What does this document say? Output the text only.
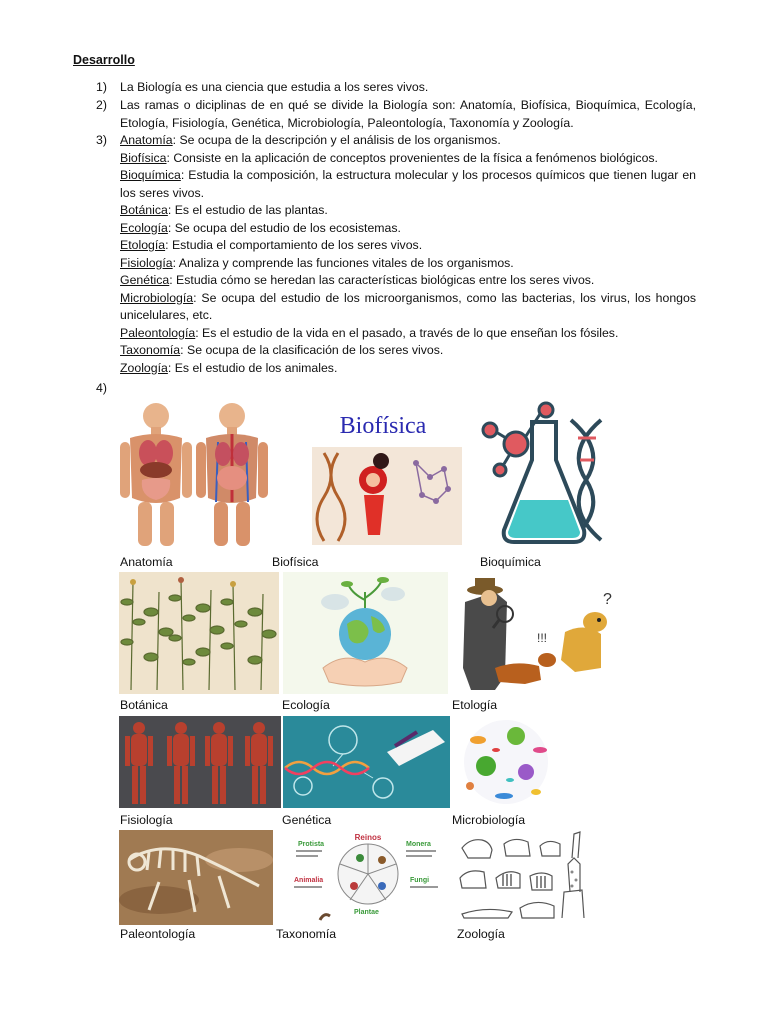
Desarrollo
1)	La Biología es una ciencia que estudia a los seres vivos.
2)	Las ramas o diciplinas de en qué se divide la Biología son: Anatomía, Biofísica, Bioquímica, Ecología, Etología, Fisiología, Genética, Microbiología, Paleontología, Taxonomía y Zoología.
3)	Anatomía: Se ocupa de la descripción y el análisis de los organismos.
Biofísica: Consiste en la aplicación de conceptos provenientes de la física a fenómenos biológicos.
Bioquímica: Estudia la composición, la estructura molecular y los procesos químicos que tienen lugar en los seres vivos.
Botánica: Es el estudio de las plantas.
Ecología: Se ocupa del estudio de los ecosistemas.
Etología: Estudia el comportamiento de los seres vivos.
Fisiología: Analiza y comprende las funciones vitales de los organismos.
Genética: Estudia cómo se heredan las características biológicas entre los seres vivos.
Microbiología: Se ocupa del estudio de los microorganismos, como las bacterias, los virus, los hongos unicelulares, etc.
Paleontología: Es el estudio de la vida en el pasado, a través de lo que enseñan los fósiles.
Taxonomía: Se ocupa de la clasificación de los seres vivos.
Zoología: Es el estudio de los animales.
4)
Anatomía
Biofísica
Biofísica	Bioquímica
Botánica	Ecología
?
!!!
Etología
Fisiología	Genética	Microbiología
Paleontología
Reinos
Protista	Monera
Animalia	Fungi
Plantae
Taxonomía	Zoología
